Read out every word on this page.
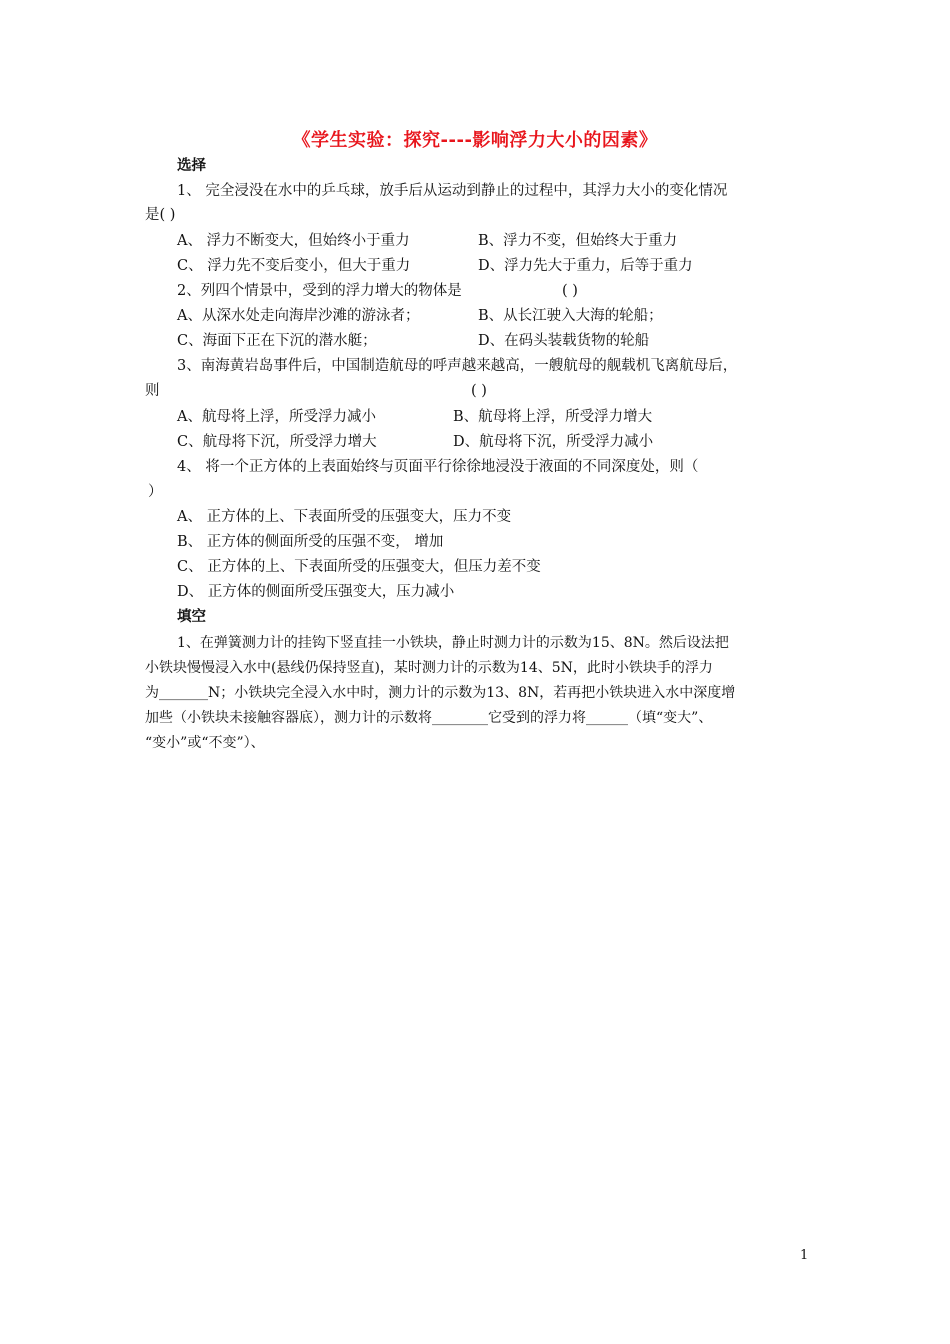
《学生实验：探究----影响浮力大小的因素》
选择
1、 完全浸没在水中的乒乓球，放手后从运动到静止的过程中，其浮力大小的变化情况
是( )
A、 浮力不断变大，但始终小于重力	B、浮力不变，但始终大于重力
C、 浮力先不变后变小，但大于重力	D、浮力先大于重力，后等于重力
2、列四个情景中，受到的浮力增大的物体是	( )
A、从深水处走向海岸沙滩的游泳者；	B、从长江驶入大海的轮船；
C、海面下正在下沉的潜水艇；	D、在码头装载货物的轮船
3、南海黄岩岛事件后，中国制造航母的呼声越来越高，一艘航母的舰载机飞离航母后，
则	( )
A、航母将上浮，所受浮力减小	B、航母将上浮，所受浮力增大
C、航母将下沉，所受浮力增大	D、航母将下沉，所受浮力减小
4、 将一个正方体的上表面始终与页面平行徐徐地浸没于液面的不同深度处，则（
）
A、 正方体的上、下表面所受的压强变大，压力不变
B、 正方体的侧面所受的压强不变， 增加
C、 正方体的上、下表面所受的压强变大，但压力差不变
D、 正方体的侧面所受压强变大，压力减小
填空
1、在弹簧测力计的挂钩下竖直挂一小铁块，静止时测力计的示数为15、8N。然后设法把
小铁块慢慢浸入水中(悬线仍保持竖直)，某时测力计的示数为14、5N，此时小铁块手的浮力
为_______N；小铁块完全浸入水中时，测力计的示数为13、8N，若再把小铁块进入水中深度增
加些（小铁块未接触容器底），测力计的示数将________它受到的浮力将______（填“变大”、
“变小”或“不变”）、
1
